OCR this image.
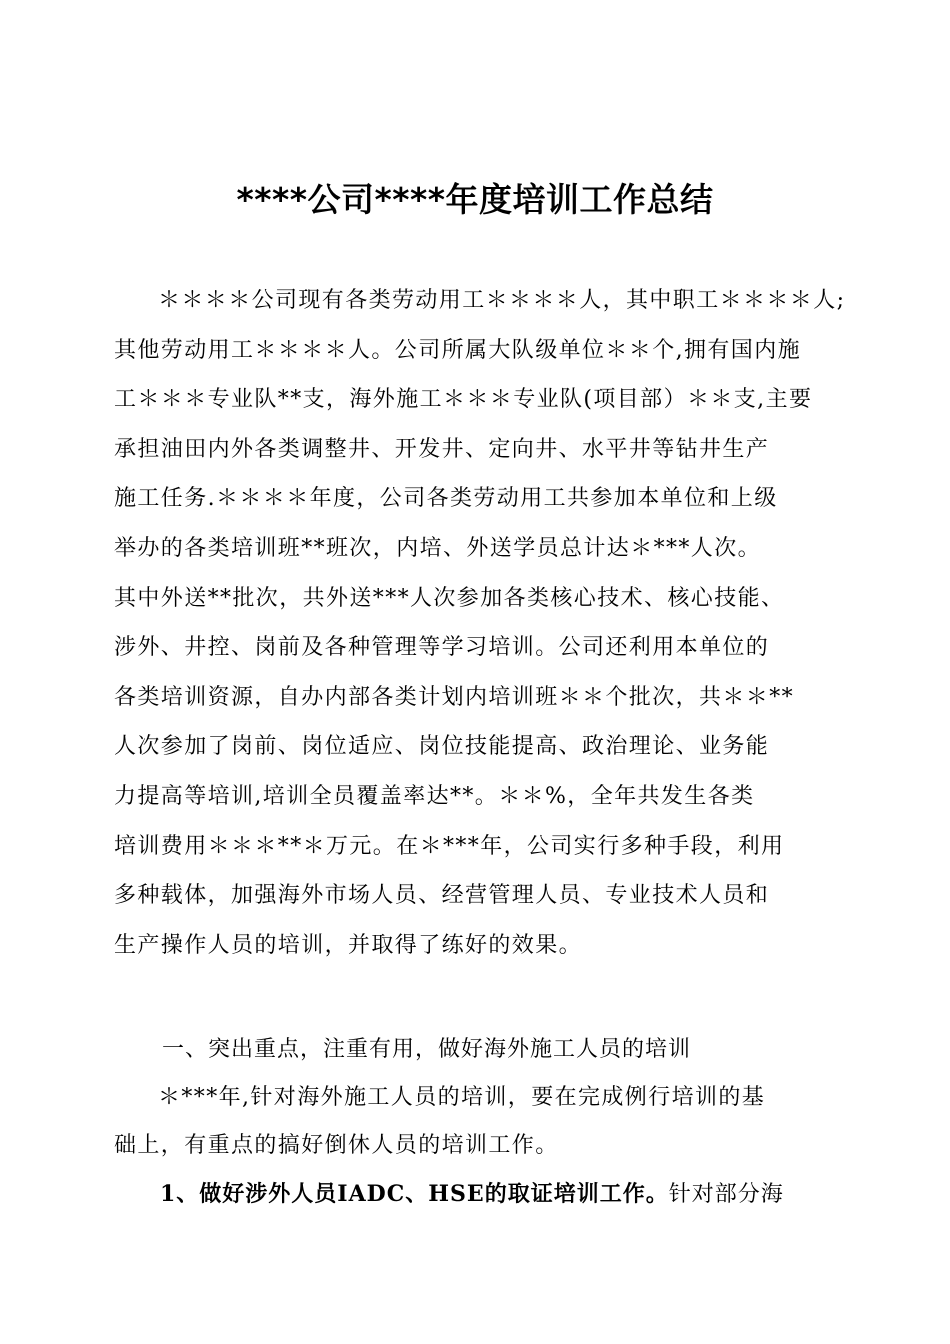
****公司****年度培训工作总结
＊＊＊＊公司现有各类劳动用工＊＊＊＊人，其中职工＊＊＊＊人;
其他劳动用工＊＊＊＊人。公司所属大队级单位＊＊个,拥有国内施
工＊＊＊专业队**支，海外施工＊＊＊专业队(项目部）＊＊支,主要
承担油田内外各类调整井、开发井、定向井、水平井等钻井生产
施工任务.＊＊＊＊年度，公司各类劳动用工共参加本单位和上级
举办的各类培训班**班次，内培、外送学员总计达＊***人次。
其中外送**批次，共外送***人次参加各类核心技术、核心技能、
涉外、井控、岗前及各种管理等学习培训。公司还利用本单位的
各类培训资源，自办内部各类计划内培训班＊＊个批次，共＊＊**
人次参加了岗前、岗位适应、岗位技能提高、政治理论、业务能
力提高等培训,培训全员覆盖率达**。＊＊%，全年共发生各类
培训费用＊＊＊**＊万元。在＊***年，公司实行多种手段，利用
多种载体，加强海外市场人员、经营管理人员、专业技术人员和
生产操作人员的培训，并取得了练好的效果。
一、突出重点，注重有用，做好海外施工人员的培训
＊***年,针对海外施工人员的培训，要在完成例行培训的基
础上，有重点的搞好倒休人员的培训工作。
1、做好涉外人员IADC、HSE的取证培训工作。针对部分海
